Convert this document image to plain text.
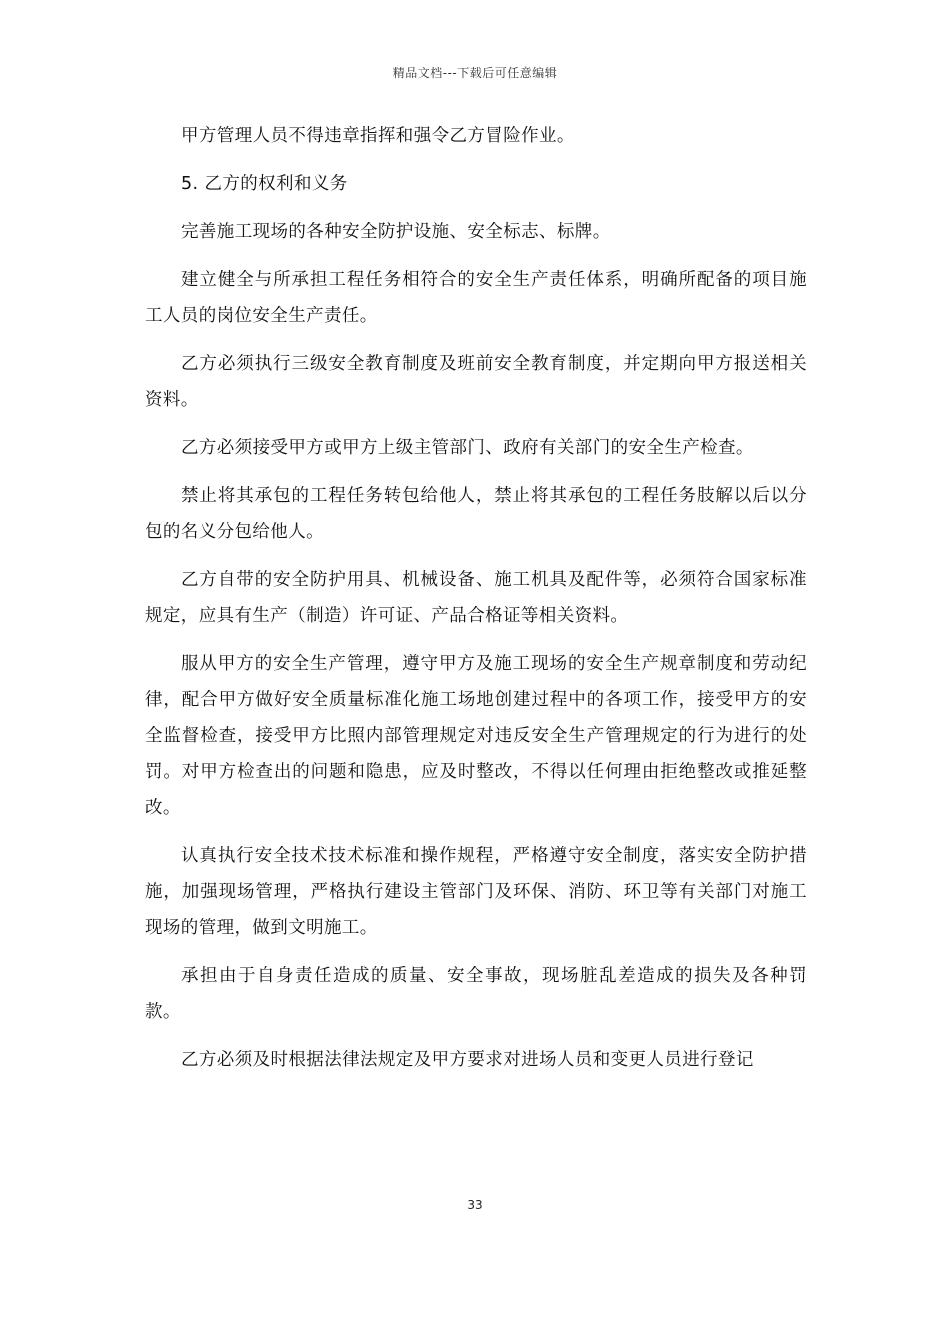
精品文档---下载后可任意编辑

甲方管理人员不得违章指挥和强令乙方冒险作业。

5. 乙方的权利和义务

完善施工现场的各种安全防护设施、安全标志、标牌。

建立健全与所承担工程任务相符合的安全生产责任体系，明确所配备的项目施工人员的岗位安全生产责任。

乙方必须执行三级安全教育制度及班前安全教育制度，并定期向甲方报送相关资料。

乙方必须接受甲方或甲方上级主管部门、政府有关部门的安全生产检查。

禁止将其承包的工程任务转包给他人，禁止将其承包的工程任务肢解以后以分包的名义分包给他人。

乙方自带的安全防护用具、机械设备、施工机具及配件等，必须符合国家标准规定，应具有生产（制造）许可证、产品合格证等相关资料。

服从甲方的安全生产管理，遵守甲方及施工现场的安全生产规章制度和劳动纪律，配合甲方做好安全质量标准化施工场地创建过程中的各项工作，接受甲方的安全监督检查，接受甲方比照内部管理规定对违反安全生产管理规定的行为进行的处罚。对甲方检查出的问题和隐患，应及时整改，不得以任何理由拒绝整改或推延整改。

认真执行安全技术技术标准和操作规程，严格遵守安全制度，落实安全防护措施，加强现场管理，严格执行建设主管部门及环保、消防、环卫等有关部门对施工现场的管理，做到文明施工。

承担由于自身责任造成的质量、安全事故，现场脏乱差造成的损失及各种罚款。

乙方必须及时根据法律法规定及甲方要求对进场人员和变更人员进行登记

33
